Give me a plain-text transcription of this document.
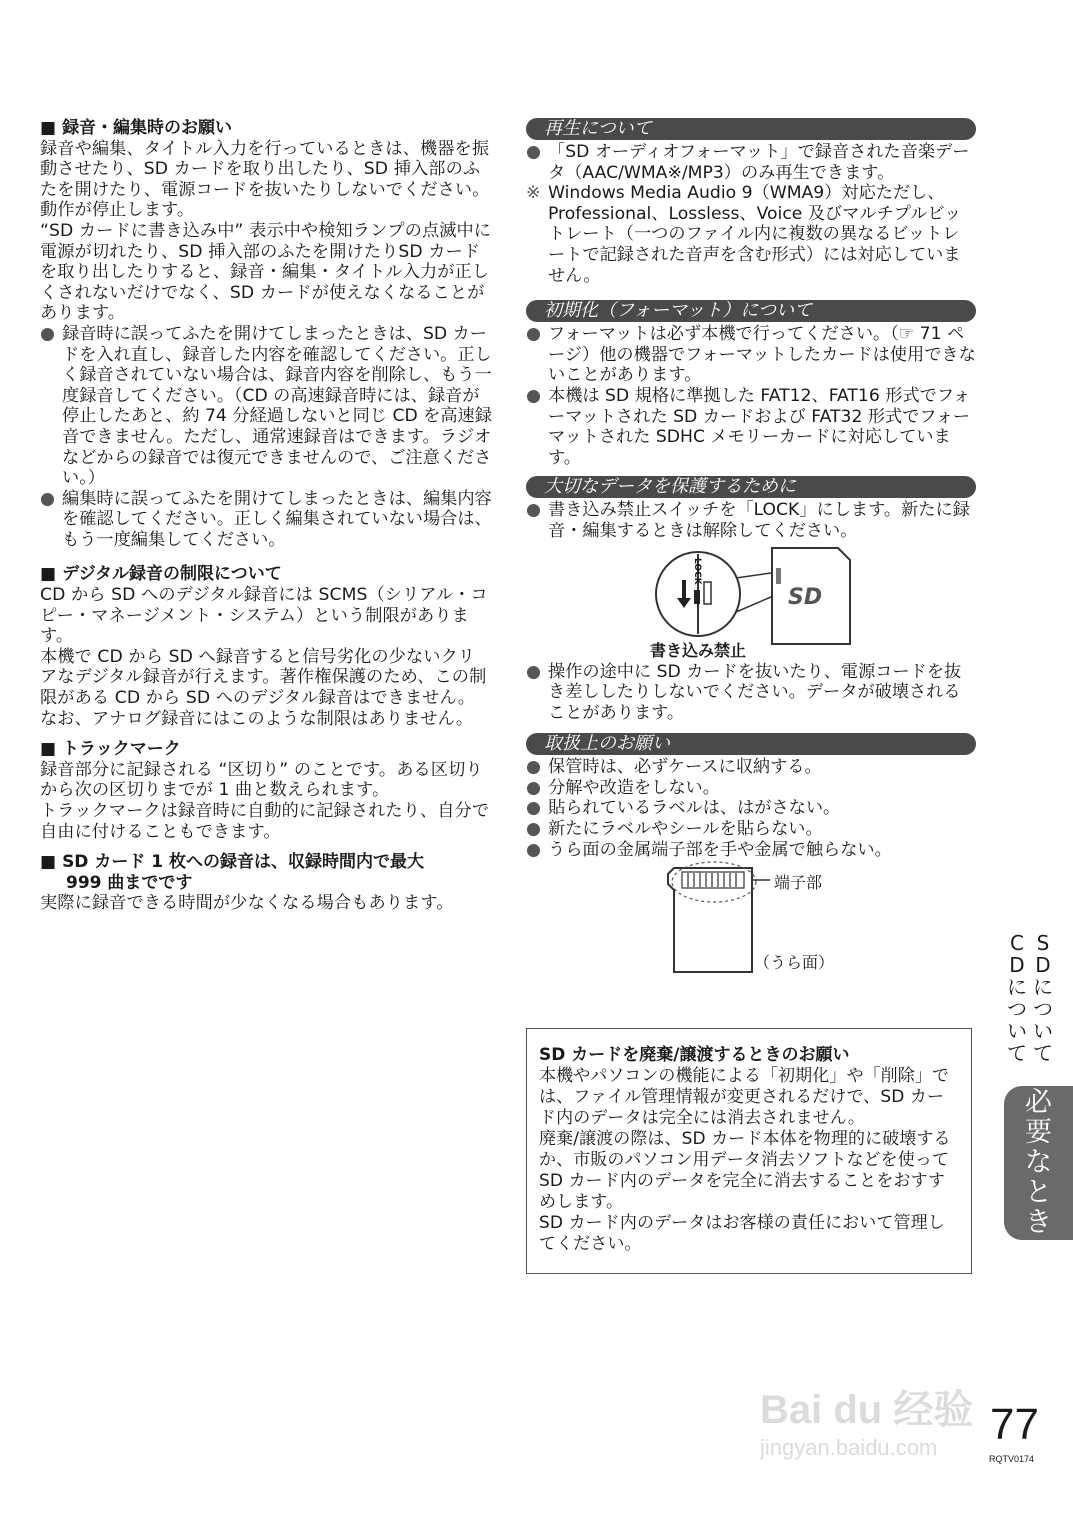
■ 録音・編集時のお願い

録音や編集、タイトル入力を行っているときは、機器を振動させたり、SD カードを取り出したり、SD 挿入部のふたを開けたり、電源コードを抜いたりしないでください。動作が停止します。

“SD カードに書き込み中” 表示中や検知ランプの点滅中に電源が切れたり、SD 挿入部のふたを開けたりSD カードを取り出したりすると、録音・編集・タイトル入力が正しくされないだけでなく、SD カードが使えなくなることがあります。

● 録音時に誤ってふたを開けてしまったときは、SD カードを入れ直し、録音した内容を確認してください。正しく録音されていない場合は、録音内容を削除し、もう一度録音してください。（CD の高速録音時には、録音が停止したあと、約 74 分経過しないと同じ CD を高速録音できません。ただし、通常速録音はできます。ラジオなどからの録音では復元できませんので、ご注意ください。）

● 編集時に誤ってふたを開けてしまったときは、編集内容を確認してください。正しく編集されていない場合は、もう一度編集してください。

■ デジタル録音の制限について

CD から SD へのデジタル録音には SCMS（シリアル・コピー・マネージメント・システム）という制限があります。

本機で CD から SD へ録音すると信号劣化の少ないクリアなデジタル録音が行えます。著作権保護のため、この制限がある CD から SD へのデジタル録音はできません。

なお、アナログ録音にはこのような制限はありません。

■ トラックマーク

録音部分に記録される “区切り” のことです。ある区切りから次の区切りまでが 1 曲と数えられます。

トラックマークは録音時に自動的に記録されたり、自分で自由に付けることもできます。

■ SD カード 1 枚への録音は、収録時間内で最大

999 曲までです

実際に録音できる時間が少なくなる場合もあります。

再生について

● 「SD オーディオフォーマット」で録音された音楽データ（AAC/WMA※/MP3）のみ再生できます。

※ Windows Media Audio 9（WMA9）対応ただし、Professional、Lossless、Voice 及びマルチプルビットレート（一つのファイル内に複数の異なるビットレートで記録された音声を含む形式）には対応していません。

初期化（フォーマット）について

● フォーマットは必ず本機で行ってください。（☞ 71 ページ）他の機器でフォーマットしたカードは使用できないことがあります。

● 本機は SD 規格に準拠した FAT12、FAT16 形式でフォーマットされた SD カードおよび FAT32 形式でフォーマットされた SDHC メモリーカードに対応しています。

大切なデータを保護するために

● 書き込み禁止スイッチを「LOCK」にします。新たに録音・編集するときは解除してください。

SD
LOCK
書き込み禁止

● 操作の途中に SD カードを抜いたり、電源コードを抜き差ししたりしないでください。データが破壊されることがあります。

取扱上のお願い

● 保管時は、必ずケースに収納する。

● 分解や改造をしない。

● 貼られているラベルは、はがさない。

● 新たにラベルやシールを貼らない。

● うら面の金属端子部を手や金属で触らない。

端子部
（うら面）

SD カードを廃棄/譲渡するときのお願い

本機やパソコンの機能による「初期化」や「削除」では、ファイル管理情報が変更されるだけで、SD カード内のデータは完全には消去されません。

廃棄/譲渡の際は、SD カード本体を物理的に破壊するか、市販のパソコン用データ消去ソフトなどを使って SD カード内のデータを完全に消去することをおすすめします。

SD カード内のデータはお客様の責任において管理してください。

S
D
に
つ
い
て
C
D
に
つ
い
て
必
要
な
と
き
Bai du 经验
jingyan.baidu.com	77
RQTV0174
